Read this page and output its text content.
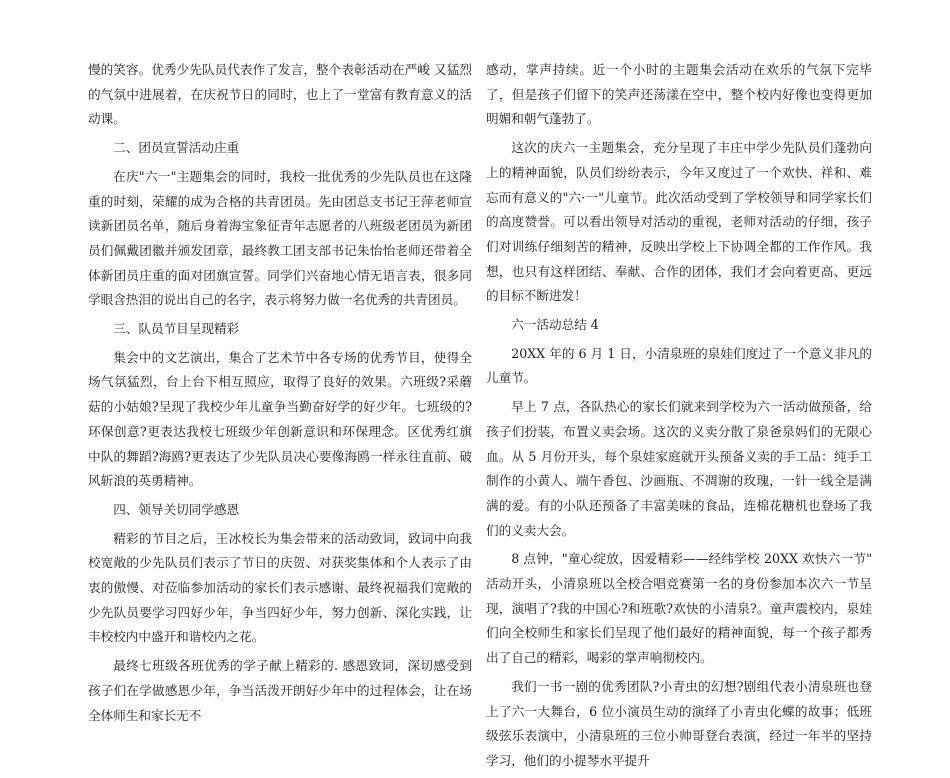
慢的笑容。优秀少先队员代表作了发言，整个表彰活动在严峻 又猛烈的气氛中进展着，在庆祝节日的同时，也上了一堂富有教育意义的活动课。

二、团员宣誓活动庄重

在庆"六一"主题集会的同时，我校一批优秀的少先队员也在这隆重的时刻，荣耀的成为合格的共青团员。先由团总支书记王萍老师宣读新团员名单，随后身着海宝象征青年志愿者的八班级老团员为新团员们佩戴团徽并颁发团章，最终教工团支部书记朱怡怡老师还带着全体新团员庄重的面对团旗宣誓。同学们兴奋地心情无语言表，很多同学眼含热泪的说出自己的名字，表示将努力做一名优秀的共青团员。

三、队员节目呈现精彩

集会中的文艺演出，集合了艺术节中各专场的优秀节目，使得全场气氛猛烈，台上台下相互照应，取得了良好的效果。六班级?采蘑菇的小姑娘?呈现了我校少年儿童争当勤奋好学的好少年。七班级的?环保创意?更表达我校七班级少年创新意识和环保理念。区优秀红旗中队的舞蹈?海鸥?更表达了少先队员决心要像海鸥一样永往直前、破风斩浪的英勇精神。

四、领导关切同学感恩

精彩的节目之后，王冰校长为集会带来的活动致词，致词中向我校宽敞的少先队员们表示了节日的庆贺、对获奖集体和个人表示了由衷的傲慢、对莅临参加活动的家长们表示感谢、最终祝福我们宽敞的少先队员要学习四好少年，争当四好少年，努力创新、深化实践，让丰校校内中盛开和谐校内之花。

最终七班级各班优秀的学子献上精彩的. 感恩致词，深切感受到孩子们在学做感恩少年，争当活泼开朗好少年中的过程体会，让在场全体师生和家长无不

感动，掌声持续。近一个小时的主题集会活动在欢乐的气氛下完毕了，但是孩子们留下的笑声还荡漾在空中，整个校内好像也变得更加明媚和朝气蓬勃了。

这次的庆六一主题集会，充分呈现了丰庄中学少先队员们蓬勃向上的精神面貌，队员们纷纷表示，今年又度过了一个欢快、祥和、难忘而有意义的"六·一"儿童节。此次活动受到了学校领导和同学家长们的高度赞誉。可以看出领导对活动的重视，老师对活动的仔细，孩子们对训练仔细刻苦的精神，反映出学校上下协调全都的工作作风。我想，也只有这样团结、奉献、合作的团体，我们才会向着更高、更远的目标不断进发！

六一活动总结 4

20XX 年的 6 月 1 日，小清泉班的泉娃们度过了一个意义非凡的儿童节。

早上 7 点，各队热心的家长们就来到学校为六一活动做预备，给孩子们扮装，布置义卖会场。这次的义卖分散了泉爸泉妈们的无限心血。从 5 月份开头，每个泉娃家庭就开头预备义卖的手工品：纯手工制作的小黄人、端午香包、沙画瓶、不凋谢的玫瑰，一针一线全是满满的爱。有的小队还预备了丰富美味的食品，连棉花糖机也登场了我们的义卖大会。

8 点钟，"童心绽放，因爱精彩——经纬学校 20XX 欢快六一节" 活动开头，小清泉班以全校合唱竞赛第一名的身份参加本次六一节呈现，演唱了?我的中国心?和班歌?欢快的小清泉?。童声震校内，泉娃们向全校师生和家长们呈现了他们最好的精神面貌，每一个孩子都秀出了自己的精彩，喝彩的掌声响彻校内。

我们一书一剧的优秀团队?小青虫的幻想?剧组代表小清泉班也登上了六一大舞台，6 位小演员生动的演绎了小青虫化蝶的故事；低班级弦乐表演中，小清泉班的三位小帅哥登台表演，经过一年半的坚持学习，他们的小提琴水平提升
